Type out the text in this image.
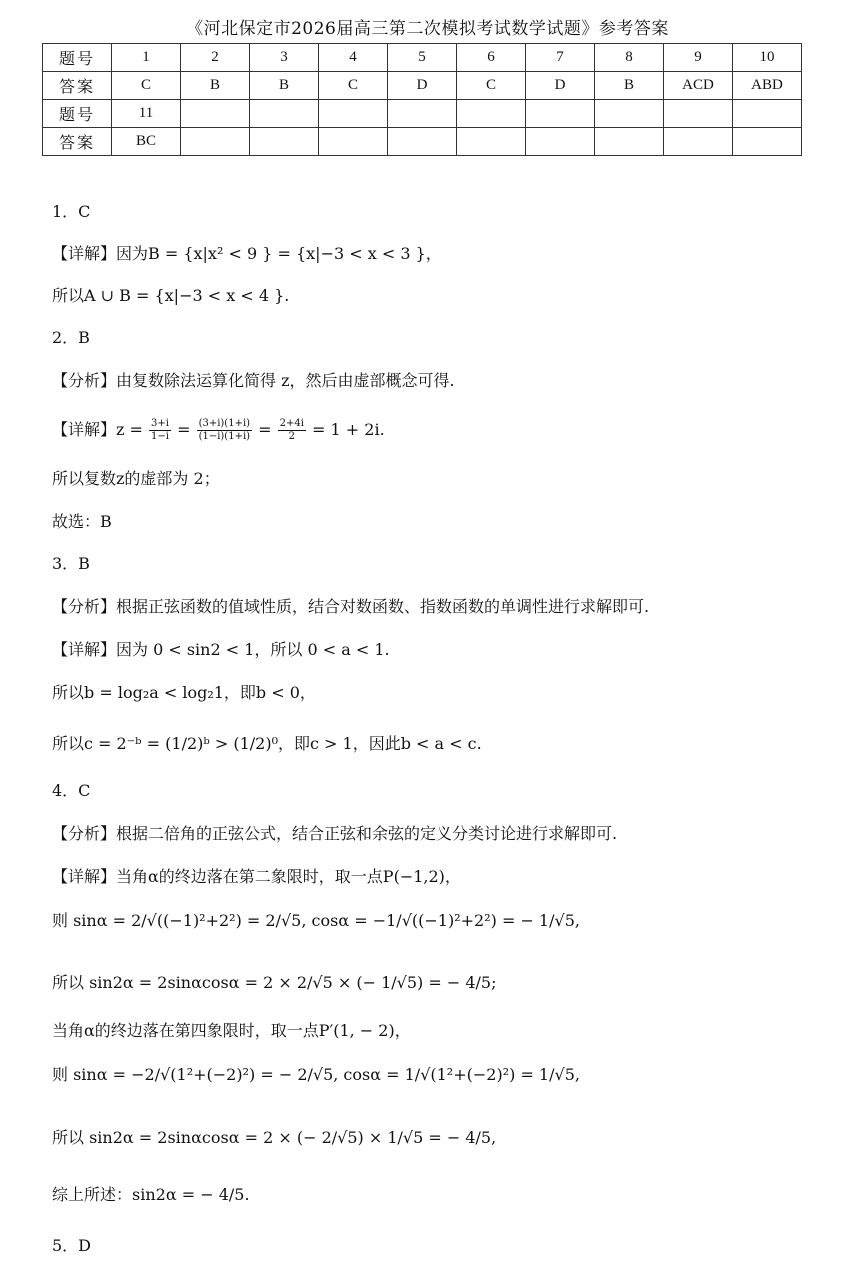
《河北保定市2026届高三第二次模拟考试数学试题》参考答案
题号	1	2	3	4	5	6	7	8	9	10
答案	C	B	B	C	D	C	D	B	ACD	ABD
题号	11									
答案	BC									
1．C
【详解】因为B = {x|x² < 9 } = {x|−3 < x < 3 }，
所以A ∪ B = {x|−3 < x < 4 }.
2．B
【分析】由复数除法运算化简得 z，然后由虚部概念可得.
【详解】$z = \frac{3+i}{1-i} = \frac{(3+i)(1+i)}{(1-i)(1+i)} = \frac{2+4i}{2} = 1 + 2i$.
所以复数z的虚部为 2；
故选：B
3．B
【分析】根据正弦函数的值域性质，结合对数函数、指数函数的单调性进行求解即可.
【详解】因为 0 < sin2 < 1，所以 0 < a < 1.
所以b = log₂a < log₂1，即b < 0，
所以c = 2⁻ᵇ = (1/2)ᵇ > (1/2)⁰，即c > 1，因此b < a < c.
4．C
【分析】根据二倍角的正弦公式，结合正弦和余弦的定义分类讨论进行求解即可.
【详解】当角α的终边落在第二象限时，取一点P(−1,2)，
则 sinα = 2/√((−1)²+2²) = 2/√5, cosα = −1/√((−1)²+2²) = − 1/√5,
所以 sin2α = 2sinαcosα = 2 × 2/√5 × (− 1/√5) = − 4/5;
当角α的终边落在第四象限时，取一点P′(1, − 2)，
则 sinα = −2/√(1²+(−2)²) = − 2/√5, cosα = 1/√(1²+(−2)²) = 1/√5,
所以 sin2α = 2sinαcosα = 2 × (− 2/√5) × 1/√5 = − 4/5,
综上所述：sin2α = − 4/5.
5．D
